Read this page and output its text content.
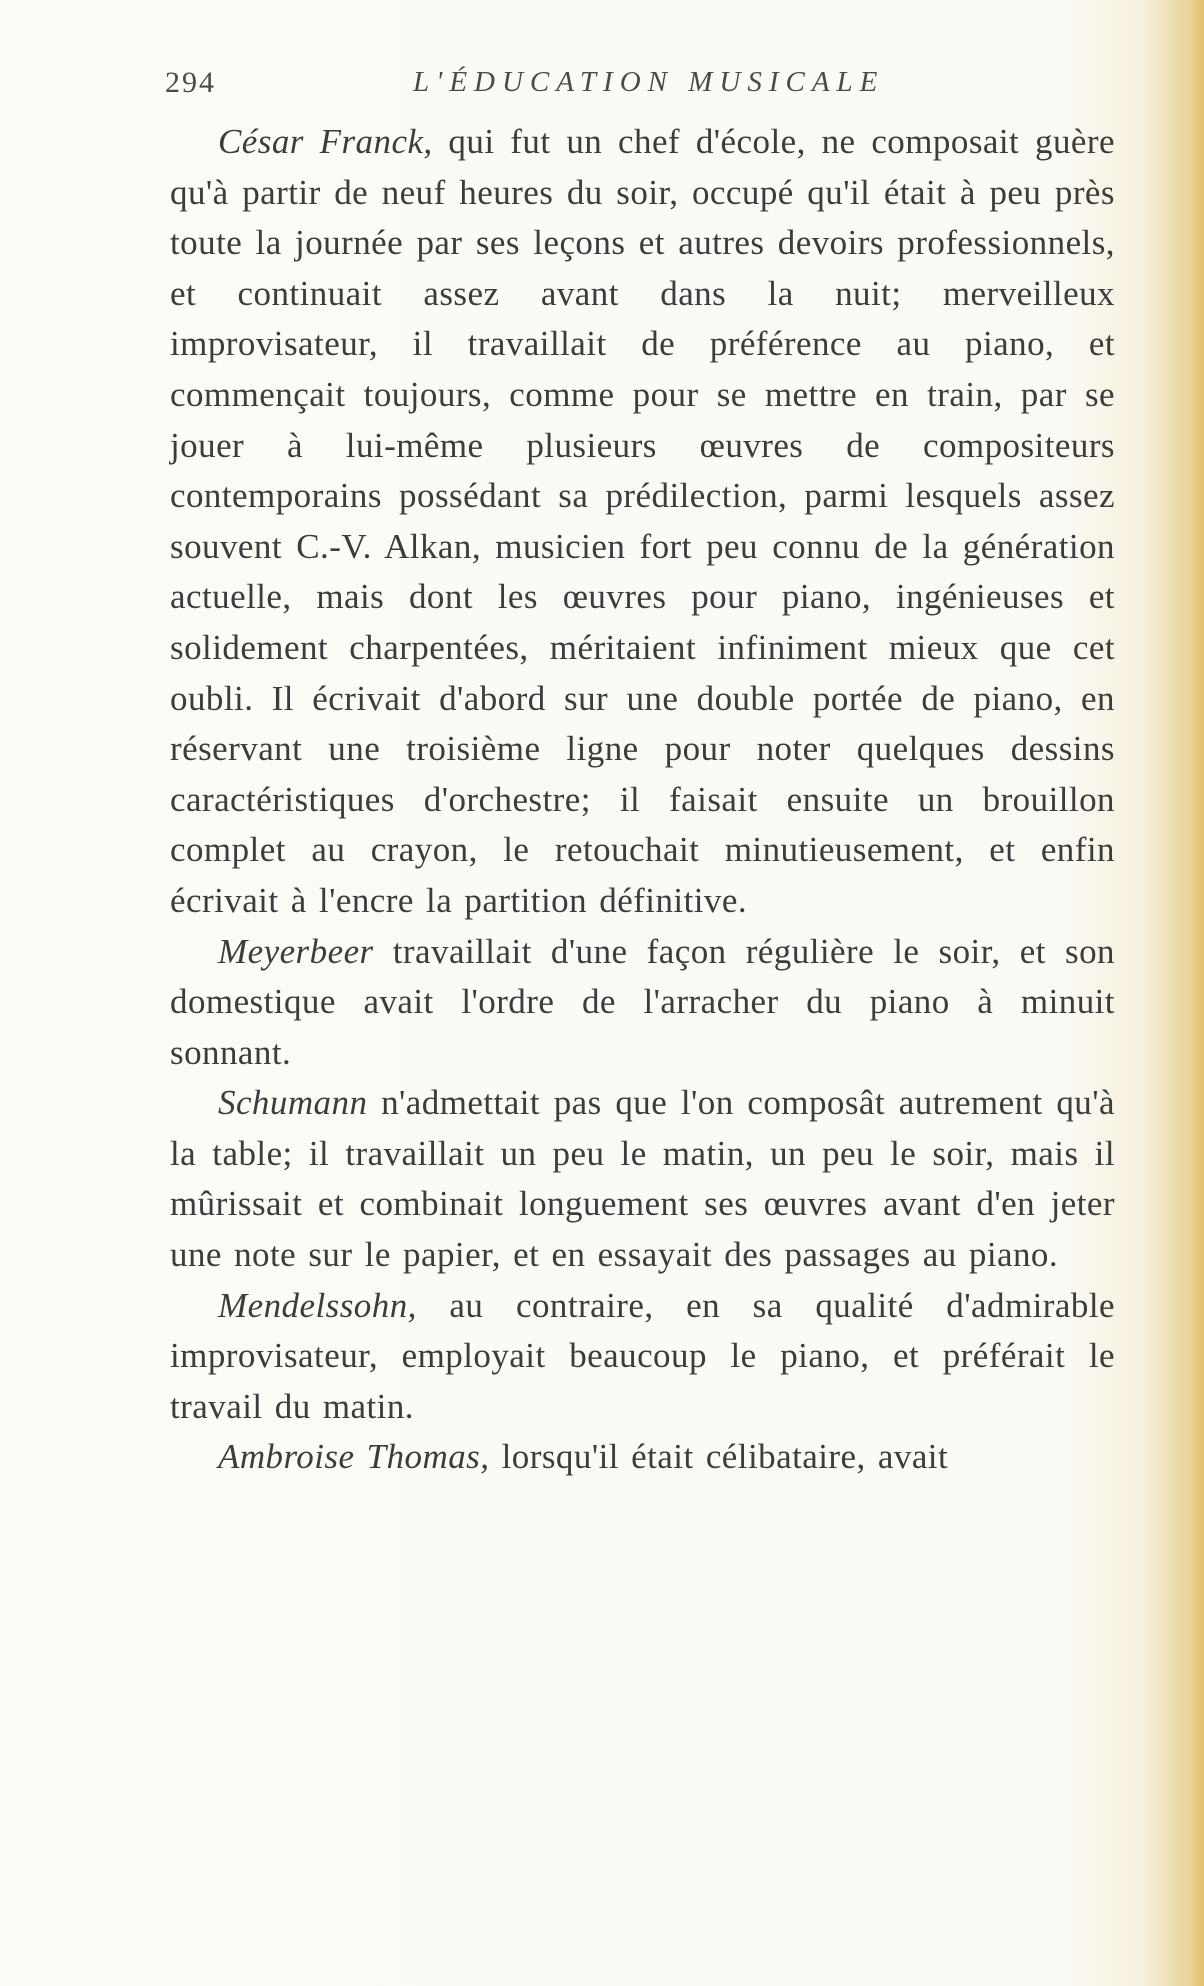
294	L'ÉDUCATION MUSICALE

César Franck, qui fut un chef d'école, ne composait guère qu'à partir de neuf heures du soir, occupé qu'il était à peu près toute la journée par ses leçons et autres devoirs professionnels, et continuait assez avant dans la nuit; merveilleux improvisateur, il travaillait de préférence au piano, et commençait toujours, comme pour se mettre en train, par se jouer à lui-même plusieurs œuvres de compositeurs contemporains possédant sa prédilection, parmi lesquels assez souvent C.-V. Alkan, musicien fort peu connu de la génération actuelle, mais dont les œuvres pour piano, ingénieuses et solidement charpentées, méritaient infiniment mieux que cet oubli. Il écrivait d'abord sur une double portée de piano, en réservant une troisième ligne pour noter quelques dessins caractéristiques d'orchestre; il faisait ensuite un brouillon complet au crayon, le retouchait minutieusement, et enfin écrivait à l'encre la partition définitive.

Meyerbeer travaillait d'une façon régulière le soir, et son domestique avait l'ordre de l'arracher du piano à minuit sonnant.

Schumann n'admettait pas que l'on composât autrement qu'à la table; il travaillait un peu le matin, un peu le soir, mais il mûrissait et combinait longuement ses œuvres avant d'en jeter une note sur le papier, et en essayait des passages au piano.

Mendelssohn, au contraire, en sa qualité d'admirable improvisateur, employait beaucoup le piano, et préférait le travail du matin.

Ambroise Thomas, lorsqu'il était célibataire, avait
